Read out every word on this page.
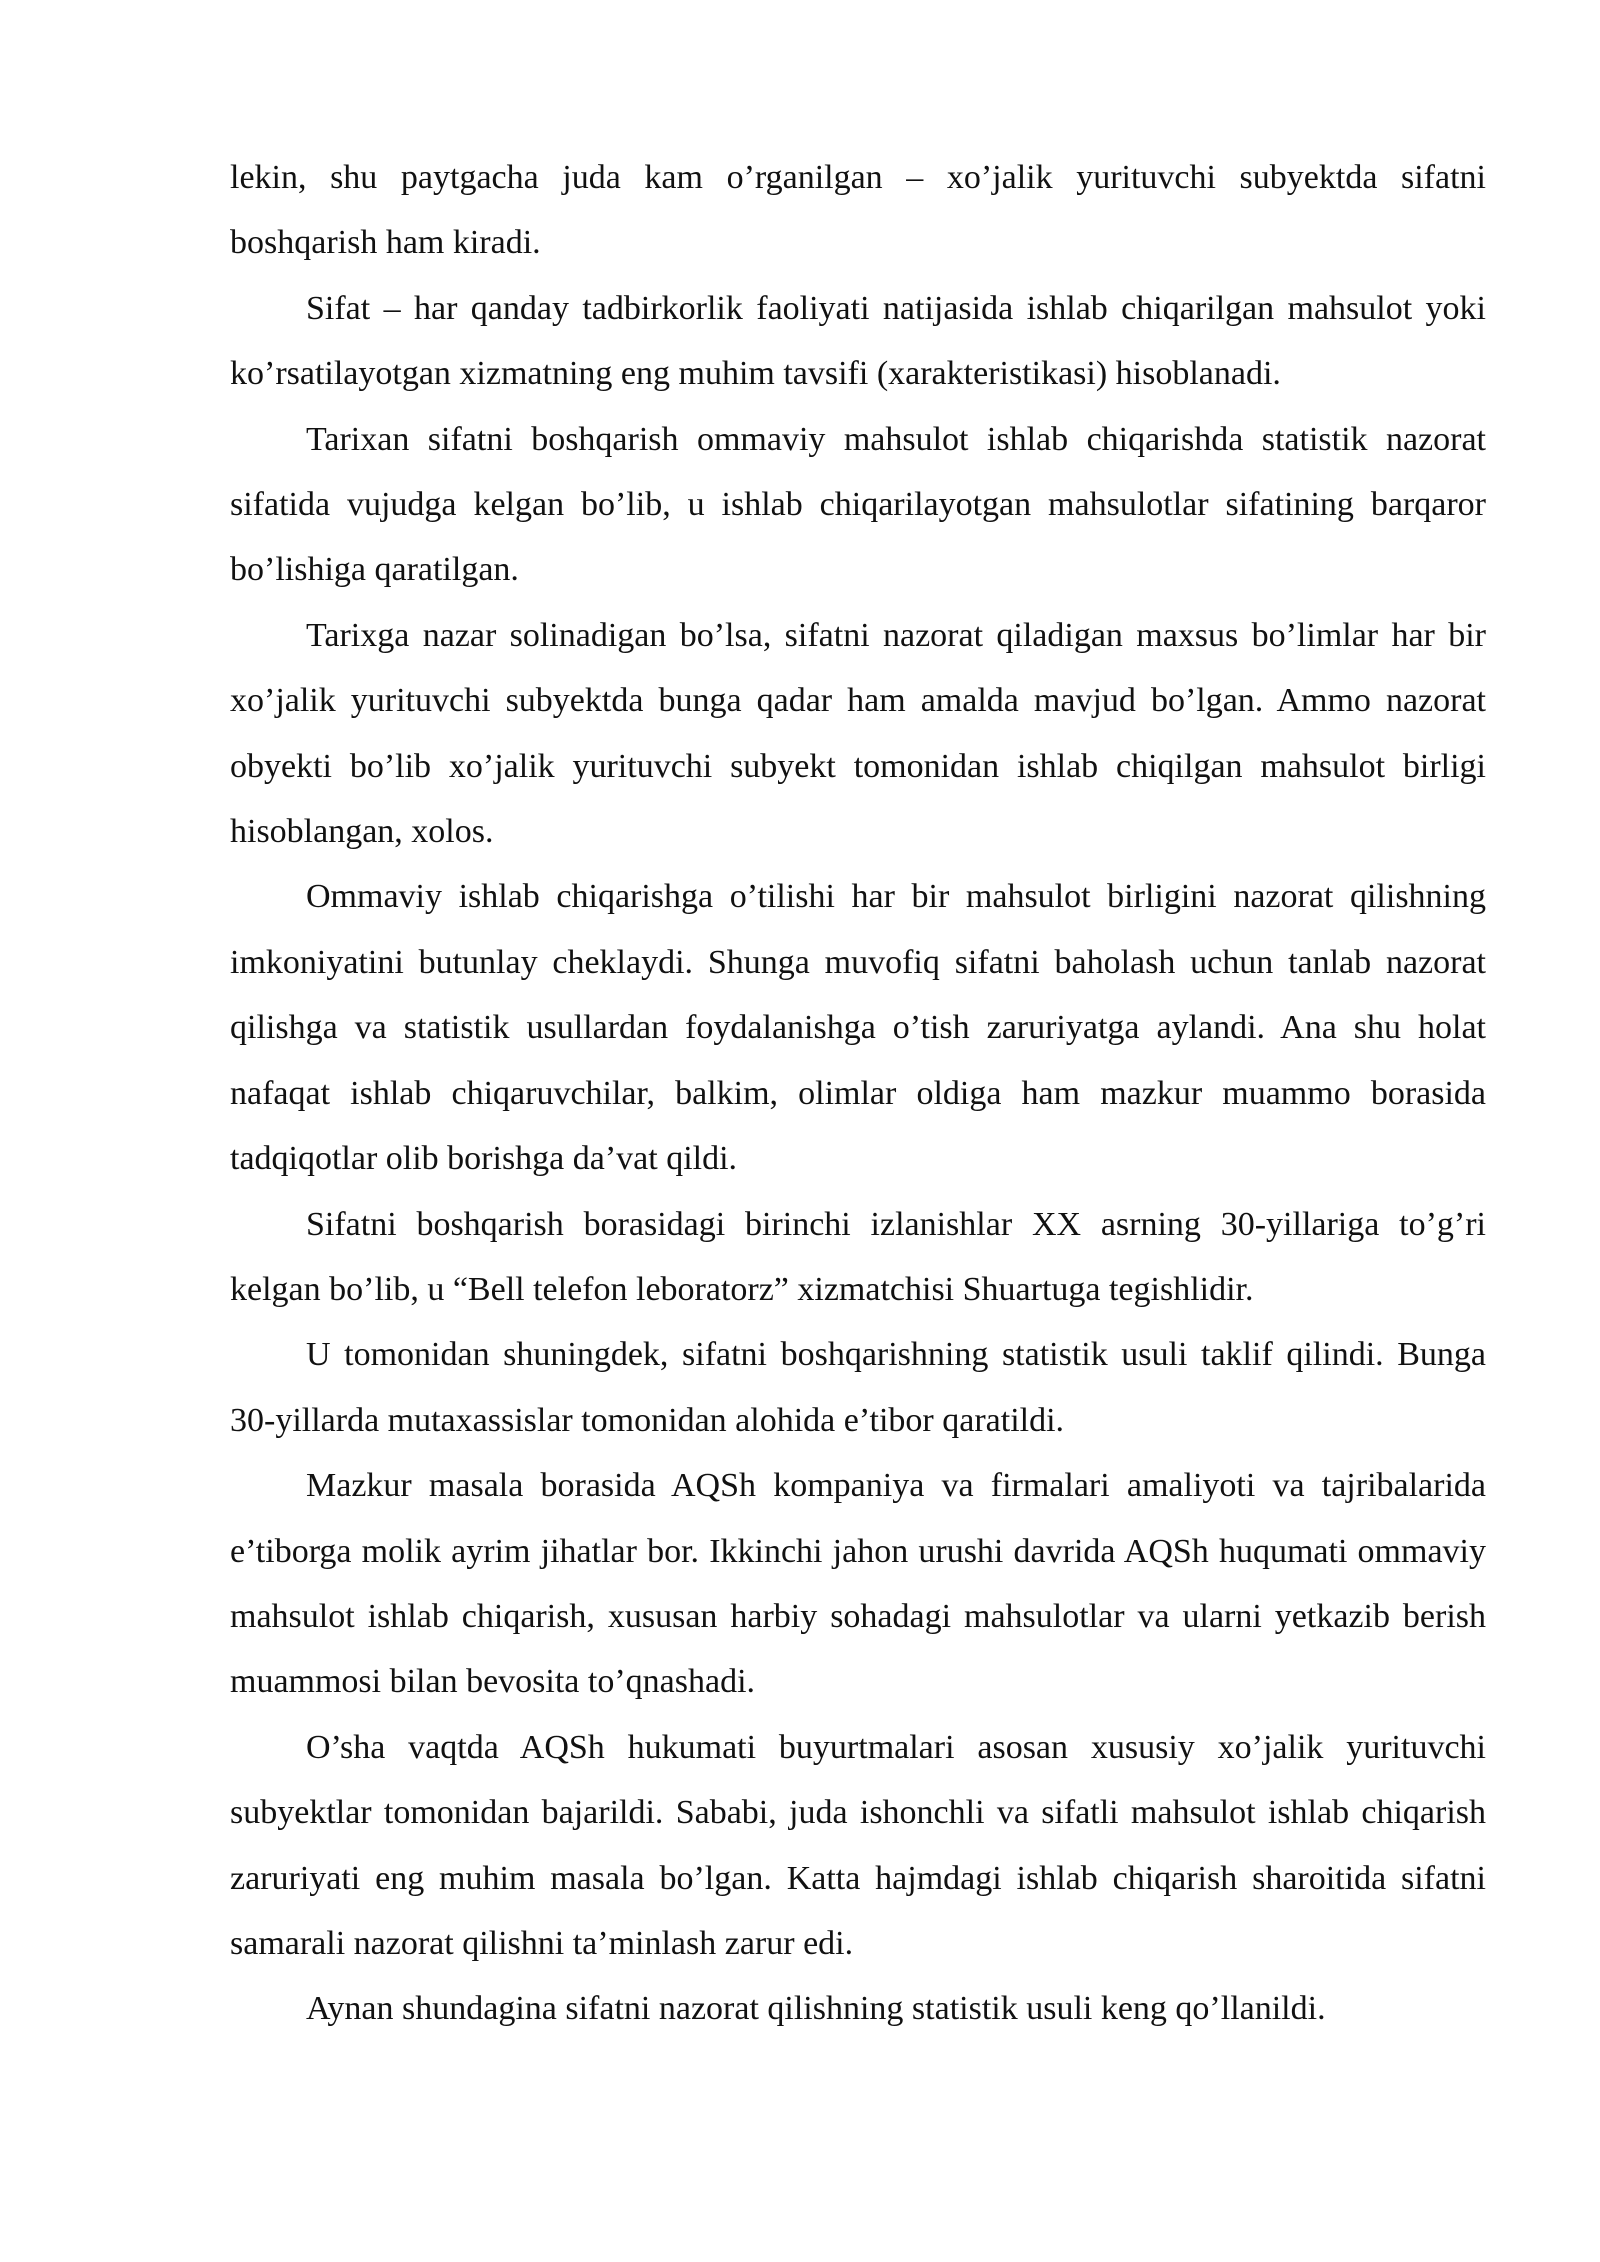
lekin, shu paytgacha juda kam o’rganilgan – xo’jalik yurituvchi subyektda sifatni boshqarish ham kiradi.

Sifat – har qanday tadbirkorlik faoliyati natijasida ishlab chiqarilgan mahsulot yoki ko’rsatilayotgan xizmatning eng muhim tavsifi (xarakteristikasi) hisoblanadi.

Tarixan sifatni boshqarish ommaviy mahsulot ishlab chiqarishda statistik nazorat sifatida vujudga kelgan bo’lib, u ishlab chiqarilayotgan mahsulotlar sifatining barqaror bo’lishiga qaratilgan.

Tarixga nazar solinadigan bo’lsa, sifatni nazorat qiladigan maxsus bo’limlar har bir xo’jalik yurituvchi subyektda bunga qadar ham amalda mavjud bo’lgan. Ammo nazorat obyekti bo’lib xo’jalik yurituvchi subyekt tomonidan ishlab chiqilgan mahsulot birligi hisoblangan, xolos.

Ommaviy ishlab chiqarishga o’tilishi har bir mahsulot birligini nazorat qilishning imkoniyatini butunlay cheklaydi. Shunga muvofiq sifatni baholash uchun tanlab nazorat qilishga va statistik usullardan foydalanishga o’tish zaruriyatga aylandi. Ana shu holat nafaqat ishlab chiqaruvchilar, balkim, olimlar oldiga ham mazkur muammo borasida tadqiqotlar olib borishga da’vat qildi.

Sifatni boshqarish borasidagi birinchi izlanishlar XX asrning 30-yillariga to’g’ri kelgan bo’lib, u “Bell telefon leboratorz” xizmatchisi Shuartuga tegishlidir.

U tomonidan shuningdek, sifatni boshqarishning statistik usuli taklif qilindi. Bunga 30-yillarda mutaxassislar tomonidan alohida e’tibor qaratildi.

Mazkur masala borasida AQSh kompaniya va firmalari amaliyoti va tajribalarida e’tiborga molik ayrim jihatlar bor. Ikkinchi jahon urushi davrida AQSh huqumati ommaviy mahsulot ishlab chiqarish, xususan harbiy sohadagi mahsulotlar va ularni yetkazib berish muammosi bilan bevosita to’qnashadi.

O’sha vaqtda AQSh hukumati buyurtmalari asosan xususiy xo’jalik yurituvchi subyektlar tomonidan bajarildi. Sababi, juda ishonchli va sifatli mahsulot ishlab chiqarish zaruriyati eng muhim masala bo’lgan. Katta hajmdagi ishlab chiqarish sharoitida sifatni samarali nazorat qilishni ta’minlash zarur edi.

Aynan shundagina sifatni nazorat qilishning statistik usuli keng qo’llanildi.
